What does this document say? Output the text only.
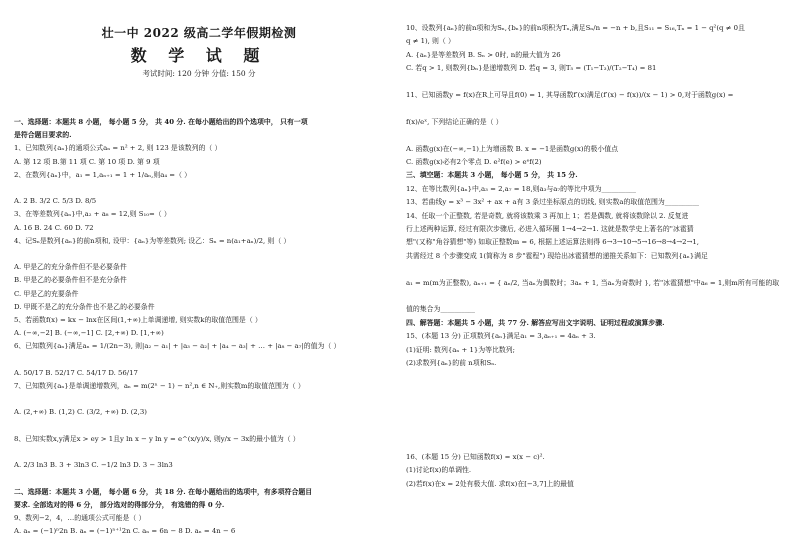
壮一中 2022 级高二学年假期检测
数 学 试 题
考试时间: 120 分钟 分值: 150 分
一、选择题：本题共 8 小题， 每小题 5 分， 共 40 分. 在每小题给出的四个选项中， 只有一项
是符合题目要求的.
1、已知数列{aₙ}的通项公式aₙ = n² + 2, 则 123 是该数列的（ ）
A. 第 12 项 B.第 11 项 C. 第 10 项 D. 第 9 项
2、在数列{aₙ}中，a₁ = 1,aₙ₊₁ = 1 + 1/aₙ,则a₄ =（ ）
A. 2 B. 3/2 C. 5/3 D. 8/5
3、在等差数列{aₙ}中,a₂ + a₈ = 12,则 S₁₀=（ ）
A. 16 B. 24 C. 60 D. 72
4、记Sₙ是数列{aₙ}的前n项和, 设甲：{aₙ}为等差数列; 设乙：Sₙ = n(a₁+aₙ)/2, 则（ ）
A. 甲是乙的充分条件但不是必要条件
B. 甲是乙的必要条件但不是充分条件
C. 甲是乙的充要条件
D. 甲既不是乙的充分条件也不是乙的必要条件
5、若函数f(x) = kx − lnx在区间(1,+∞)上单调递增, 则实数k的取值范围是（ ）
A. (−∞,−2] B. (−∞,−1] C. [2,+∞) D. [1,+∞)
6、已知数列{aₙ}满足aₙ = 1/(2n−3), 则|a₂ − a₁| + |a₃ − a₂| + |a₄ − a₃| + … + |a₈ − a₇|的值为（ ）
A. 50/17 B. 52/17 C. 54/17 D. 56/17
7、已知数列{aₙ}是单调递增数列，aₙ = m(2ⁿ − 1) − n²,n ∈ N₊,则实数m的取值范围为（ ）
A. (2,+∞) B. (1,2) C. (3/2, +∞) D. (2,3)
8、已知实数x,y满足x > ey > 1且y ln x − y ln y = e^(x/y)/x, 则y/x − 3x的最小值为（ ）
A. 2/3 ln3 B. 3 + 3ln3 C. −1/2 ln3 D. 3 − 3ln3
二、选择题：本题共 3 小题， 每小题 6 分， 共 18 分. 在每小题给出的选项中，有多项符合题目
要求. 全部选对的得 6 分， 部分选对的得部分分， 有选错的得 0 分.
9、数列−2，4，…的通项公式可能是（ ）
A. aₙ = (−1)ⁿ2n B. aₙ = (−1)ⁿ⁺¹2n C. aₙ = 6n − 8 D. aₙ = 4n − 6
10、设数列{aₙ}的前n项和为Sₙ,{bₙ}的前n项积为Tₙ,满足Sₙ/n = −n + b,且S₁₁ = S₁₆,Tₙ = 1 − q²(q ≠ 0且
q ≠ 1), 则（ ）
A. {aₙ}是等差数列 B. Sₙ > 0时, n的最大值为 26
C. 若q > 1, 则数列{bₙ}是递增数列 D. 若q = 3, 则T₅ = (T₁−T₃)/(T₂−T₄) = 81
11、已知函数y = f(x)在R上可导且f(0) = 1, 其导函数f′(x)满足(f′(x) − f(x))/(x − 1) > 0,对于函数g(x) =
f(x)/eˣ, 下列结论正确的是（ ）
A. 函数g(x)在(−∞,−1)上为增函数 B. x = −1是函数g(x)的极小值点
C. 函数g(x)必有2个零点 D. e²f(e) > eᵉf(2)
三、填空题：本题共 3 小题， 每小题 5 分， 共 15 分.
12、在等比数列{aₙ}中,a₃ = 2,a₇ = 18,则a₃与a₇的等比中项为__________
13、若曲线y = x³ − 3x² + ax + a有 3 条过坐标原点的切线, 则实数a的取值范围为__________
14、任取一个正整数, 若是奇数, 就将该数乘 3 再加上 1；若是偶数, 就将该数除以 2. 反复进
行上述两种运算, 经过有限次步骤后, 必进入循环圈 1→4→2→1. 这就是数学史上著名的"冰雹猜
想"(又称"角谷猜想"等) 如取正整数m = 6, 根据上述运算法则得 6→3→10→5→16→8→4→2→1,
共需经过 8 个步骤变成 1(简称为 8 步"雹程") 现给出冰雹猜想的递推关系如下：已知数列{aₙ}满足
a₁ = m(m为正整数), aₙ₊₁ = { aₙ/2, 当aₙ为偶数时；3aₙ + 1, 当aₙ为奇数时 }, 若"冰雹猜想"中a₆ = 1,则m所有可能的取
值的集合为__________
四、解答题：本题共 5 小题，共 77 分. 解答应写出文字说明、证明过程或演算步骤.
15、(本题 13 分) 正项数列{aₙ}满足a₁ = 3,aₙ₊₁ = 4aₙ + 3.
(1)证明: 数列{aₙ + 1}为等比数列;
(2)求数列{aₙ}的前 n项和Sₙ.
16、(本题 15 分) 已知函数f(x) = x(x − c)².
(1)讨论f(x)的单调性.
(2)若f(x)在x = 2处有极大值. 求f(x)在[−3,7]上的最值
